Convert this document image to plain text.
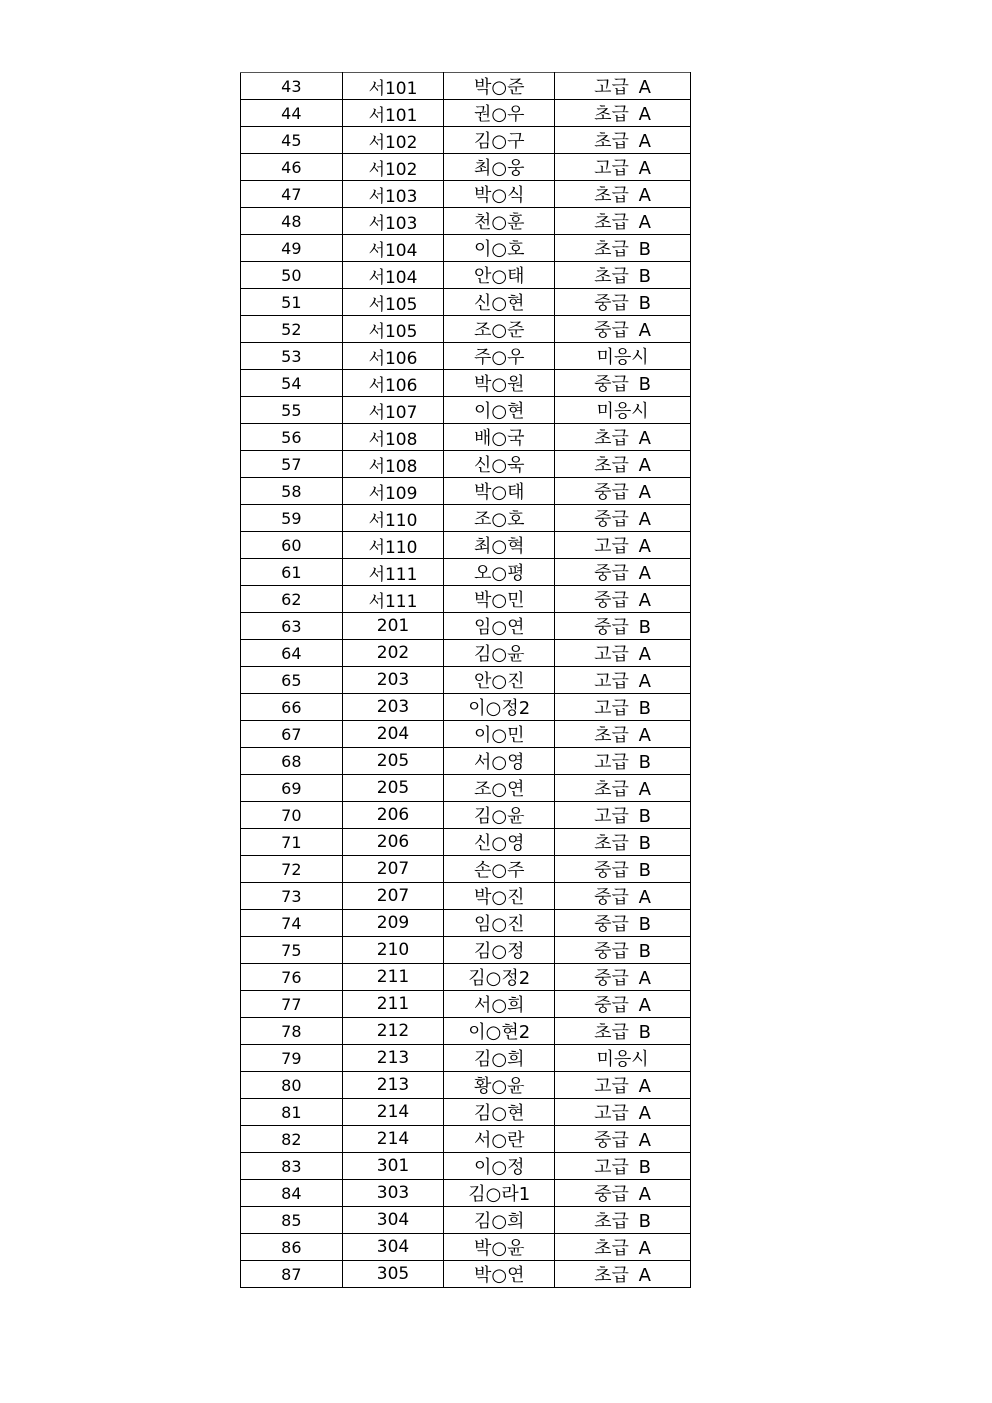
43	서101	박○준	고급 A
44	서101	권○우	초급 A
45	서102	김○구	초급 A
46	서102	최○웅	고급 A
47	서103	박○식	초급 A
48	서103	천○훈	초급 A
49	서104	이○호	초급 B
50	서104	안○태	초급 B
51	서105	신○현	중급 B
52	서105	조○준	중급 A
53	서106	주○우	미응시
54	서106	박○원	중급 B
55	서107	이○현	미응시
56	서108	배○국	초급 A
57	서108	신○욱	초급 A
58	서109	박○태	중급 A
59	서110	조○호	중급 A
60	서110	최○혁	고급 A
61	서111	오○평	중급 A
62	서111	박○민	중급 A
63	201	임○연	중급 B
64	202	김○윤	고급 A
65	203	안○진	고급 A
66	203	이○정2	고급 B
67	204	이○민	초급 A
68	205	서○영	고급 B
69	205	조○연	초급 A
70	206	김○윤	고급 B
71	206	신○영	초급 B
72	207	손○주	중급 B
73	207	박○진	중급 A
74	209	임○진	중급 B
75	210	김○정	중급 B
76	211	김○정2	중급 A
77	211	서○희	중급 A
78	212	이○현2	초급 B
79	213	김○희	미응시
80	213	황○윤	고급 A
81	214	김○현	고급 A
82	214	서○란	중급 A
83	301	이○정	고급 B
84	303	김○라1	중급 A
85	304	김○희	초급 B
86	304	박○윤	초급 A
87	305	박○연	초급 A
